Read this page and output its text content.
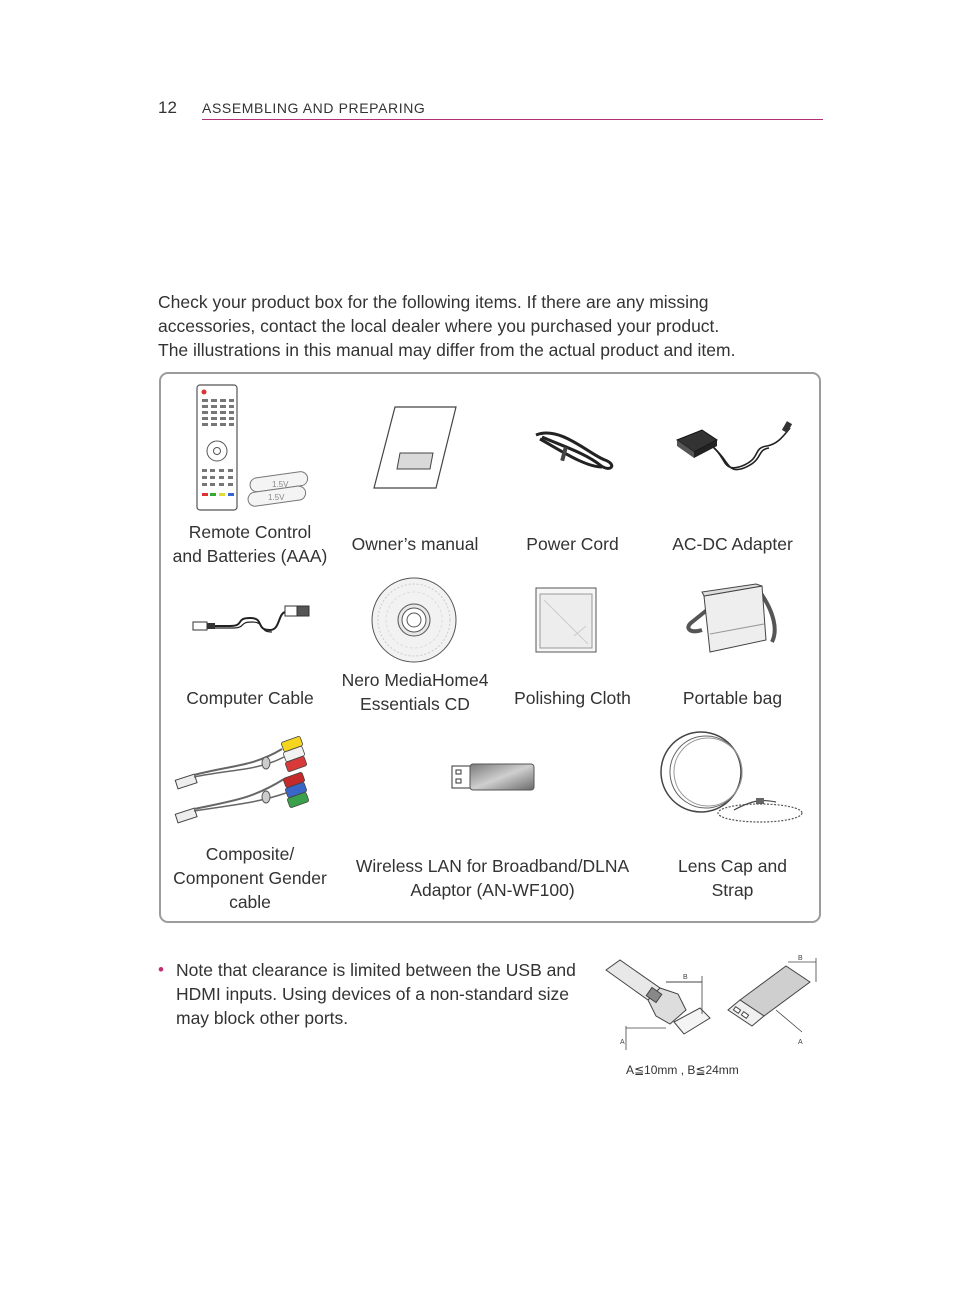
12 ASSEMBLING AND PREPARING

Check your product box for the following items. If there are any missing

accessories, contact the local dealer where you purchased your product.

The illustrations in this manual may differ from the actual product and item.

1.5V
1.5V
Remote Control
and Batteries (AAA)
Owner’s manual	Power Cord	AC-DC Adapter
Computer Cable
Nero MediaHome4
Essentials CD	Polishing Cloth	Portable bag
Composite/
Component Gender
cable
Wireless LAN for Broadband/DLNA
Adaptor (AN-WF100)
Lens Cap and
Strap
• Note that clearance is limited between the USB and
HDMI inputs. Using devices of a non-standard size
may block other ports.
B
A
B
A
A≦10mm , B≦24mm
